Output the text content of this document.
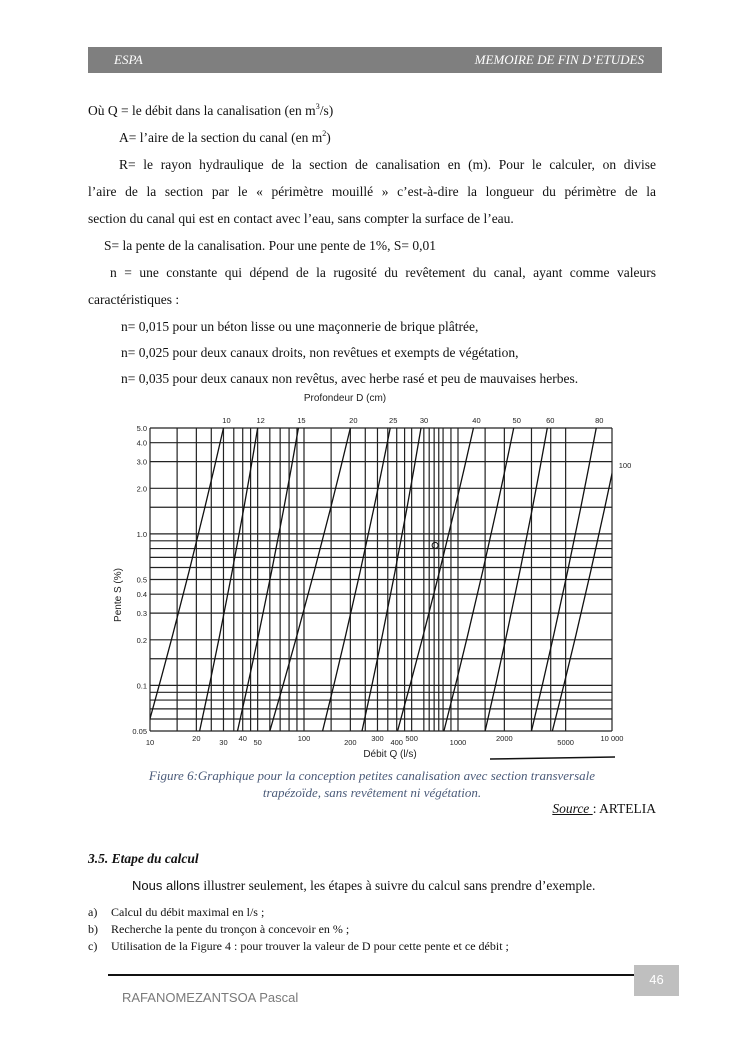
ESPA	MEMOIRE DE FIN D’ETUDES
Où Q = le débit dans la canalisation (en $m^3/s$)
A= l’aire de la section du canal (en $m^2$)
R= le rayon hydraulique de la section de canalisation en (m). Pour le calculer, on divise
l’aire de la section par le « périmètre mouillé » c’est-à-dire la longueur du périmètre de la
section du canal qui est en contact avec l’eau, sans compter la surface de l’eau.
S= la pente de la canalisation. Pour une pente de 1%, S= 0,01
n = une constante qui dépend de la rugosité du revêtement du canal, ayant comme valeurs
caractéristiques :
n= 0,015 pour un béton lisse ou une maçonnerie de brique plâtrée,
n= 0,025 pour deux canaux droits, non revêtues et exempts de végétation,
n= 0,035 pour deux canaux non revêtus, avec herbe rasé et peu de mauvaises herbes.
10	20	30 40 50	100	200 300 400 500	1000	2000	5000	10 000
0.05
0.1
0.2
0.3
0.4
0.5
1.0
2.0
3.0
4.0
5.0
10	12	15	20	25	30	40	50	60	80
100
Profondeur D (cm)
Débit Q (l/s)
Pente S (%)
Figure 6:Graphique pour la conception petites canalisation avec section transversale
trapézoïde, sans revêtement ni végétation.
Source : ARTELIA
3.5. Etape du calcul
Nous allons illustrer seulement, les étapes à suivre du calcul sans prendre d’exemple.
a) Calcul du débit maximal en l/s ;
b) Recherche la pente du tronçon à concevoir en % ;
c) Utilisation de la Figure 4 : pour trouver la valeur de D pour cette pente et ce débit ;
46
RAFANOMEZANTSOA Pascal
